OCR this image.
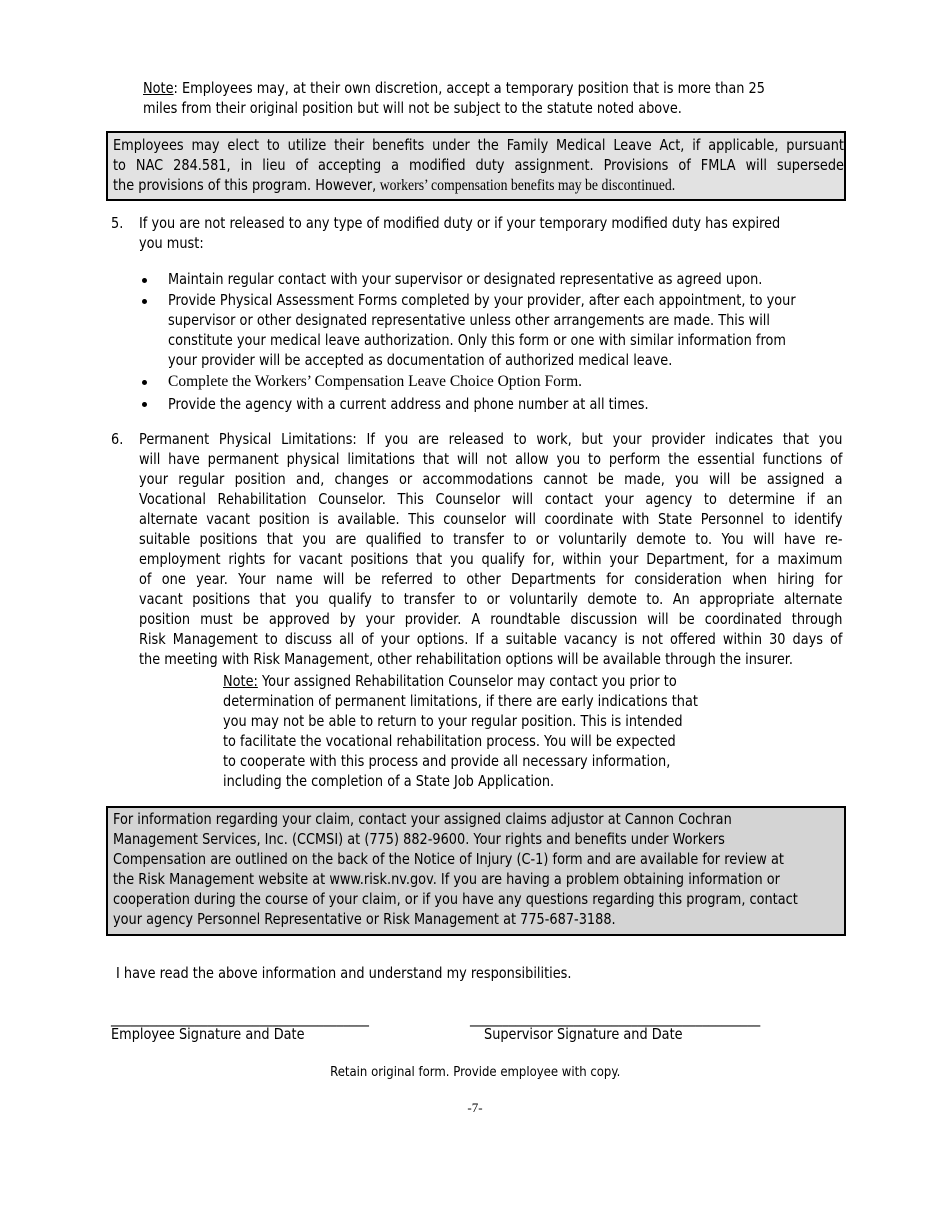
Note: Employees may, at their own discretion, accept a temporary position that is more than 25
miles from their original position but will not be subject to the statute noted above.
Employees may elect to utilize their benefits under the Family Medical Leave Act, if applicable, pursuant
to NAC 284.581, in lieu of accepting a modified duty assignment. Provisions of FMLA will supersede
the provisions of this program. However, workers’ compensation benefits may be discontinued.
5. If you are not released to any type of modified duty or if your temporary modified duty has expired
you must:
Maintain regular contact with your supervisor or designated representative as agreed upon.
Provide Physical Assessment Forms completed by your provider, after each appointment, to your
supervisor or other designated representative unless other arrangements are made. This will
constitute your medical leave authorization. Only this form or one with similar information from
your provider will be accepted as documentation of authorized medical leave.
Complete the Workers’ Compensation Leave Choice Option Form.
Provide the agency with a current address and phone number at all times.
6. Permanent Physical Limitations: If you are released to work, but your provider indicates that you
will have permanent physical limitations that will not allow you to perform the essential functions of
your regular position and, changes or accommodations cannot be made, you will be assigned a
Vocational Rehabilitation Counselor. This Counselor will contact your agency to determine if an
alternate vacant position is available. This counselor will coordinate with State Personnel to identify
suitable positions that you are qualified to transfer to or voluntarily demote to. You will have re-
employment rights for vacant positions that you qualify for, within your Department, for a maximum
of one year. Your name will be referred to other Departments for consideration when hiring for
vacant positions that you qualify to transfer to or voluntarily demote to. An appropriate alternate
position must be approved by your provider. A roundtable discussion will be coordinated through
Risk Management to discuss all of your options. If a suitable vacancy is not offered within 30 days of
the meeting with Risk Management, other rehabilitation options will be available through the insurer.
Note: Your assigned Rehabilitation Counselor may contact you prior to
determination of permanent limitations, if there are early indications that
you may not be able to return to your regular position. This is intended
to facilitate the vocational rehabilitation process. You will be expected
to cooperate with this process and provide all necessary information,
including the completion of a State Job Application.
For information regarding your claim, contact your assigned claims adjustor at Cannon Cochran
Management Services, Inc. (CCMSI) at (775) 882-9600. Your rights and benefits under Workers
Compensation are outlined on the back of the Notice of Injury (C-1) form and are available for review at
the Risk Management website at www.risk.nv.gov. If you are having a problem obtaining information or
cooperation during the course of your claim, or if you have any questions regarding this program, contact
your agency Personnel Representative or Risk Management at 775-687-3188.
I have read the above information and understand my responsibilities.
________________________________________	_____________________________________________
Employee Signature and Date	Supervisor Signature and Date
Retain original form. Provide employee with copy.
-7-
